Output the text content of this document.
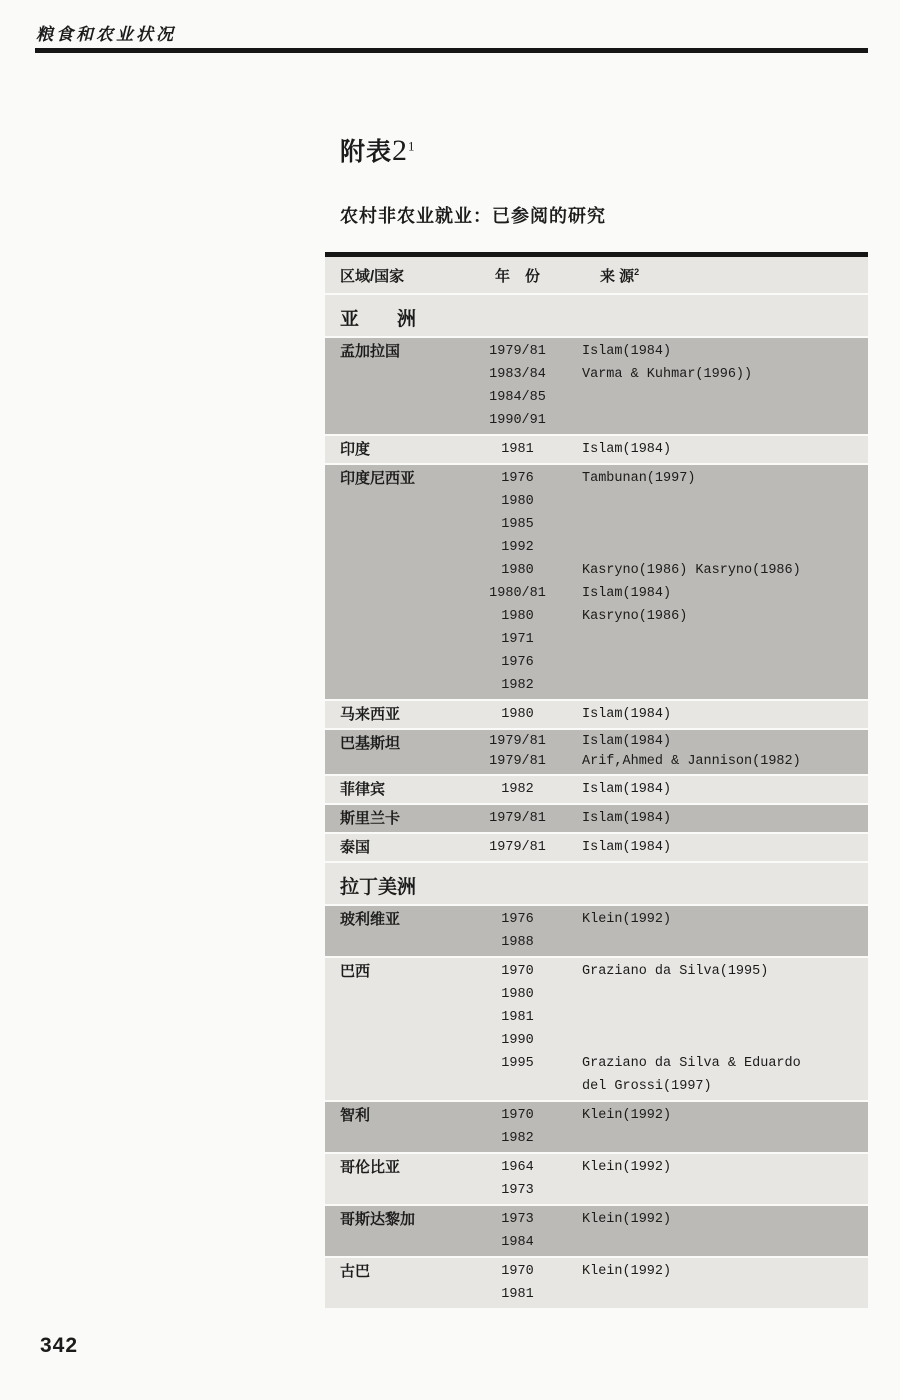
粮食和农业状况
附表$2^1$
农村非农业就业：已参阅的研究
区域/国家	年　份	来 源$^2$
亚　　洲
孟加拉国	1979/81	Islam(1984)
1983/84	Varma & Kuhmar(1996))
1984/85
1990/91
印度	1981	Islam(1984)
印度尼西亚	1976	Tambunan(1997)
1980
1985
1992
1980	Kasryno(1986) Kasryno(1986)
1980/81	Islam(1984)
1980	Kasryno(1986)
1971
1976
1982
马来西亚	1980	Islam(1984)
巴基斯坦	1979/81	Islam(1984)
1979/81	Arif,Ahmed & Jannison(1982)
菲律宾	1982	Islam(1984)
斯里兰卡	1979/81	Islam(1984)
泰国	1979/81	Islam(1984)
拉丁美洲
玻利维亚	1976	Klein(1992)
1988
巴西	1970	Graziano da Silva(1995)
1980
1981
1990
1995	Graziano da Silva & Eduardo
del Grossi(1997)
智利	1970	Klein(1992)
1982
哥伦比亚	1964	Klein(1992)
1973
哥斯达黎加	1973	Klein(1992)
1984
古巴	1970	Klein(1992)
1981
342
